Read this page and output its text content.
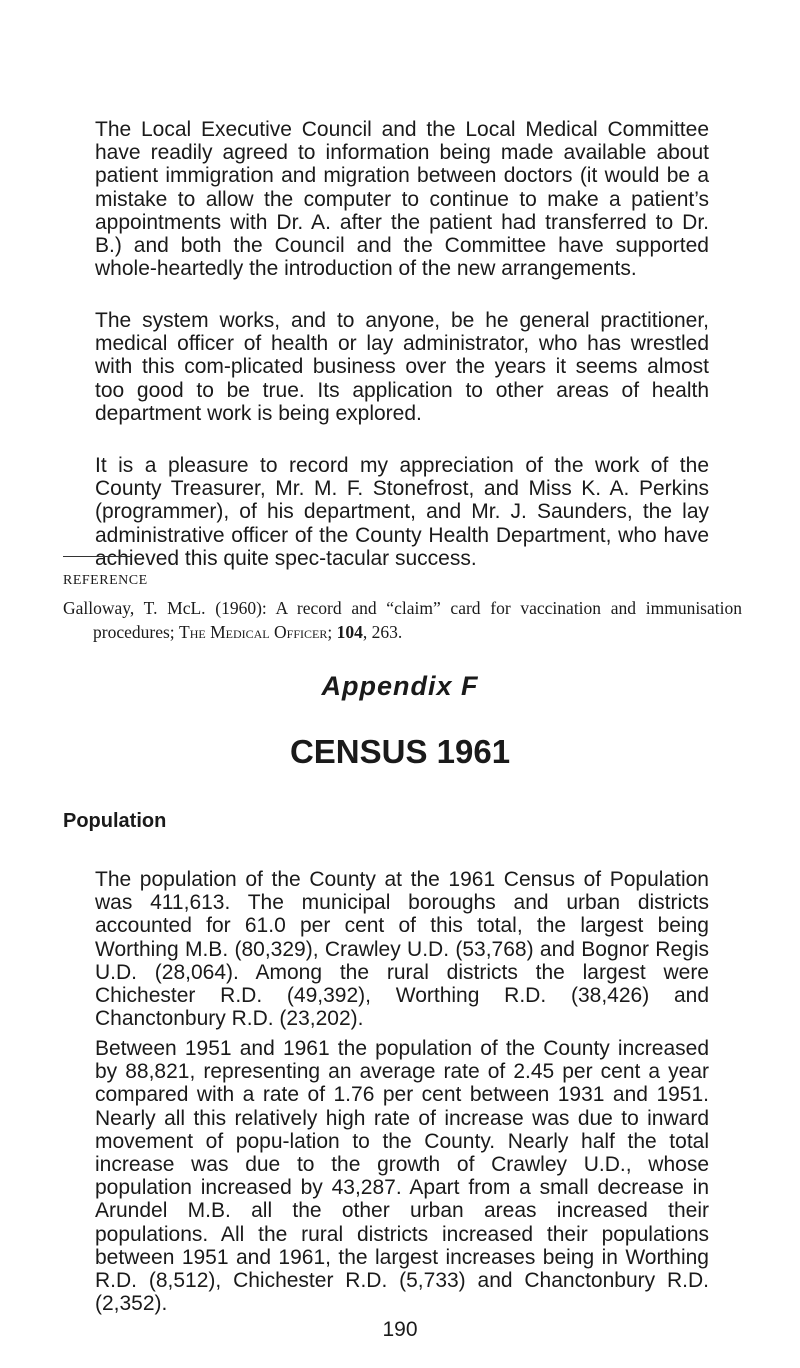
The Local Executive Council and the Local Medical Committee have readily agreed to information being made available about patient immigration and migration between doctors (it would be a mistake to allow the computer to continue to make a patient’s appointments with Dr. A. after the patient had transferred to Dr. B.) and both the Council and the Committee have supported whole-heartedly the introduction of the new arrangements.

The system works, and to anyone, be he general practitioner, medical officer of health or lay administrator, who has wrestled with this com-plicated business over the years it seems almost too good to be true. Its application to other areas of health department work is being explored.

It is a pleasure to record my appreciation of the work of the County Treasurer, Mr. M. F. Stonefrost, and Miss K. A. Perkins (programmer), of his department, and Mr. J. Saunders, the lay administrative officer of the County Health Department, who have achieved this quite spec-tacular success.

REFERENCE

Galloway, T. McL. (1960): A record and “claim” card for vaccination and immunisation procedures; The Medical Officer; 104, 263.

Appendix F
CENSUS 1961
Population

The population of the County at the 1961 Census of Population was 411,613. The municipal boroughs and urban districts accounted for 61.0 per cent of this total, the largest being Worthing M.B. (80,329), Crawley U.D. (53,768) and Bognor Regis U.D. (28,064). Among the rural districts the largest were Chichester R.D. (49,392), Worthing R.D. (38,426) and Chanctonbury R.D. (23,202).

Between 1951 and 1961 the population of the County increased by 88,821, representing an average rate of 2.45 per cent a year compared with a rate of 1.76 per cent between 1931 and 1951. Nearly all this relatively high rate of increase was due to inward movement of popu-lation to the County. Nearly half the total increase was due to the growth of Crawley U.D., whose population increased by 43,287. Apart from a small decrease in Arundel M.B. all the other urban areas increased their populations. All the rural districts increased their populations between 1951 and 1961, the largest increases being in Worthing R.D. (8,512), Chichester R.D. (5,733) and Chanctonbury R.D. (2,352).

190
